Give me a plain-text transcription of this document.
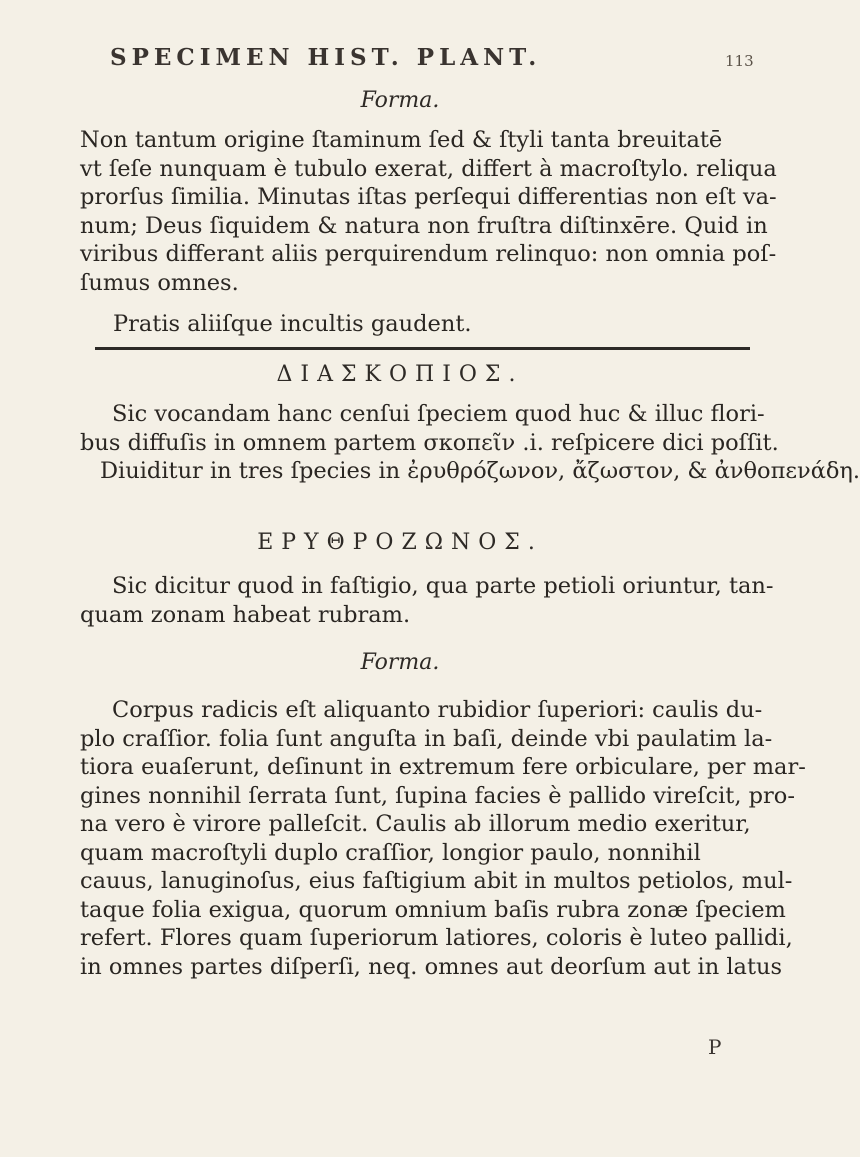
SPECIMEN HIST. PLANT.	113
Forma.
Non tantum origine ſtaminum ſed & ſtyli tanta breuitatē
vt ſeſe nunquam è tubulo exerat, differt à macroſtylo. reliqua
prorſus ſimilia. Minutas iſtas perſequi differentias non eſt va-
num; Deus ſiquidem & natura non fruſtra diſtinxēre. Quid in
viribus differant aliis perquirendum relinquo: non omnia poſ-
ſumus omnes.
Pratis aliiſque incultis gaudent.
ΔΙΑΣΚΟΠΙΟΣ.
Sic vocandam hanc cenſui ſpeciem quod huc & illuc flori-
bus diffuſis in omnem partem σκοπεῖν .i. reſpicere dici poſſit.
Diuiditur in tres ſpecies in ἐρυθρόζωνον, ἄζωστον, & ἀνθοπενάδη.
ΕΡΥΘΡΟΖΩΝΟΣ.
Sic dicitur quod in faſtigio, qua parte petioli oriuntur, tan-
quam zonam habeat rubram.
Forma.
Corpus radicis eſt aliquanto rubidior ſuperiori: caulis du-
plo craſſior. folia ſunt anguſta in baſi, deinde vbi paulatim la-
tiora euaſerunt, deſinunt in extremum fere orbiculare, per mar-
gines nonnihil ſerrata ſunt, ſupina facies è pallido vireſcit, pro-
na vero è virore palleſcit. Caulis ab illorum medio exeritur,
quam macroſtyli duplo craſſior, longior paulo, nonnihil
cauus, lanuginoſus, eius faſtigium abit in multos petiolos, mul-
taque folia exigua, quorum omnium baſis rubra zonæ ſpeciem
refert. Flores quam ſuperiorum latiores, coloris è luteo pallidi,
in omnes partes diſperſi, neq. omnes aut deorſum aut in latus
P
